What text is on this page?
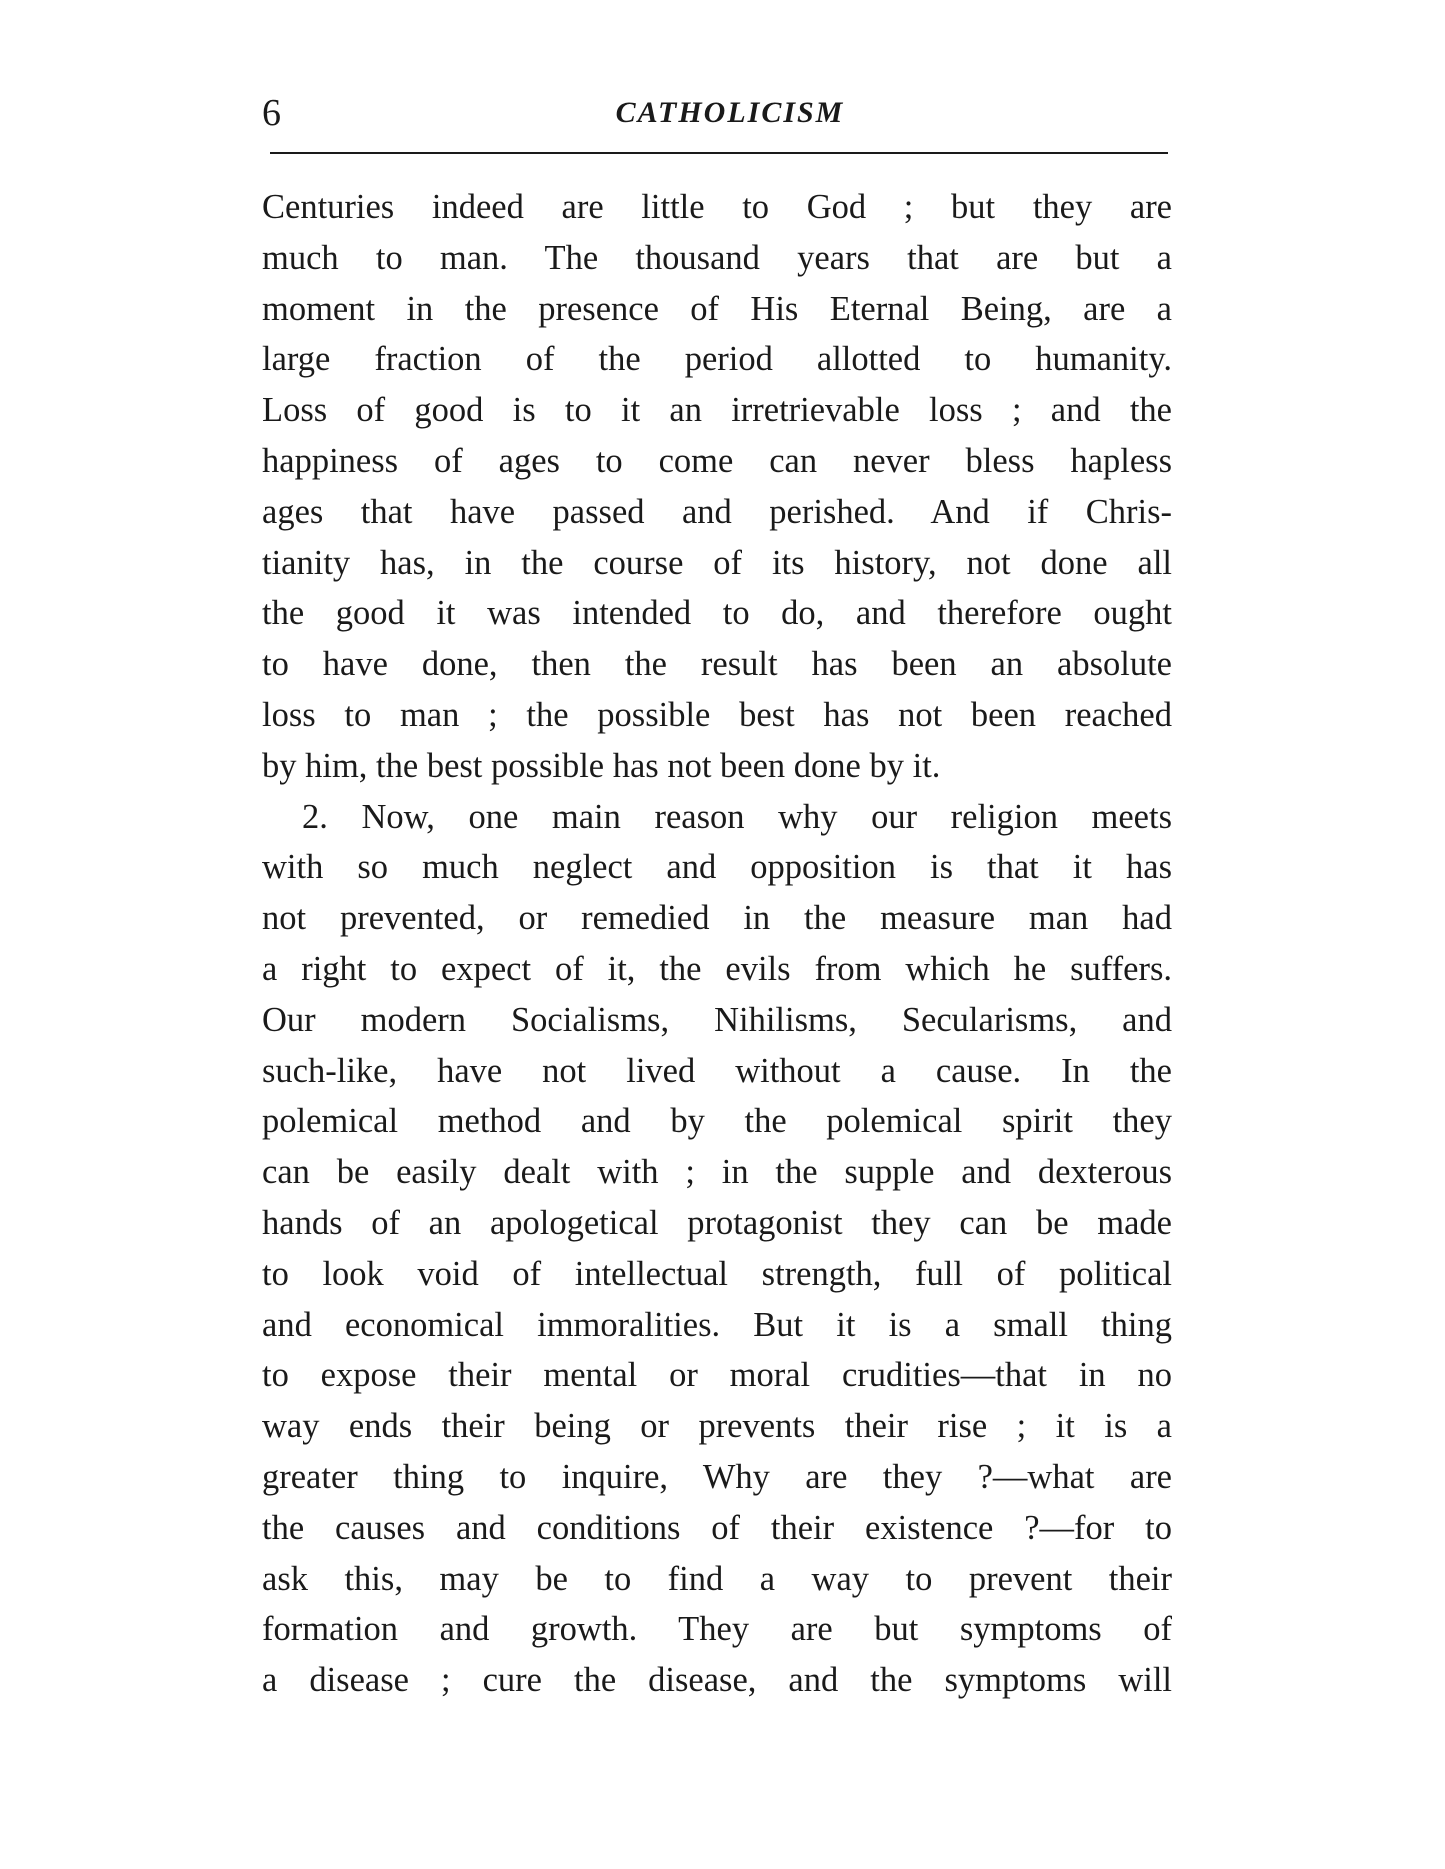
6	CATHOLICISM
Centuries indeed are little to God ; but they are
much to man. The thousand years that are but a
moment in the presence of His Eternal Being, are a
large fraction of the period allotted to humanity.
Loss of good is to it an irretrievable loss ; and the
happiness of ages to come can never bless hapless
ages that have passed and perished. And if Chris-
tianity has, in the course of its history, not done all
the good it was intended to do, and therefore ought
to have done, then the result has been an absolute
loss to man ; the possible best has not been reached
by him, the best possible has not been done by it.
2. Now, one main reason why our religion meets
with so much neglect and opposition is that it has
not prevented, or remedied in the measure man had
a right to expect of it, the evils from which he suffers.
Our modern Socialisms, Nihilisms, Secularisms, and
such-like, have not lived without a cause. In the
polemical method and by the polemical spirit they
can be easily dealt with ; in the supple and dexterous
hands of an apologetical protagonist they can be made
to look void of intellectual strength, full of political
and economical immoralities. But it is a small thing
to expose their mental or moral crudities—that in no
way ends their being or prevents their rise ; it is a
greater thing to inquire, Why are they ?—what are
the causes and conditions of their existence ?—for to
ask this, may be to find a way to prevent their
formation and growth. They are but symptoms of
a disease ; cure the disease, and the symptoms will
